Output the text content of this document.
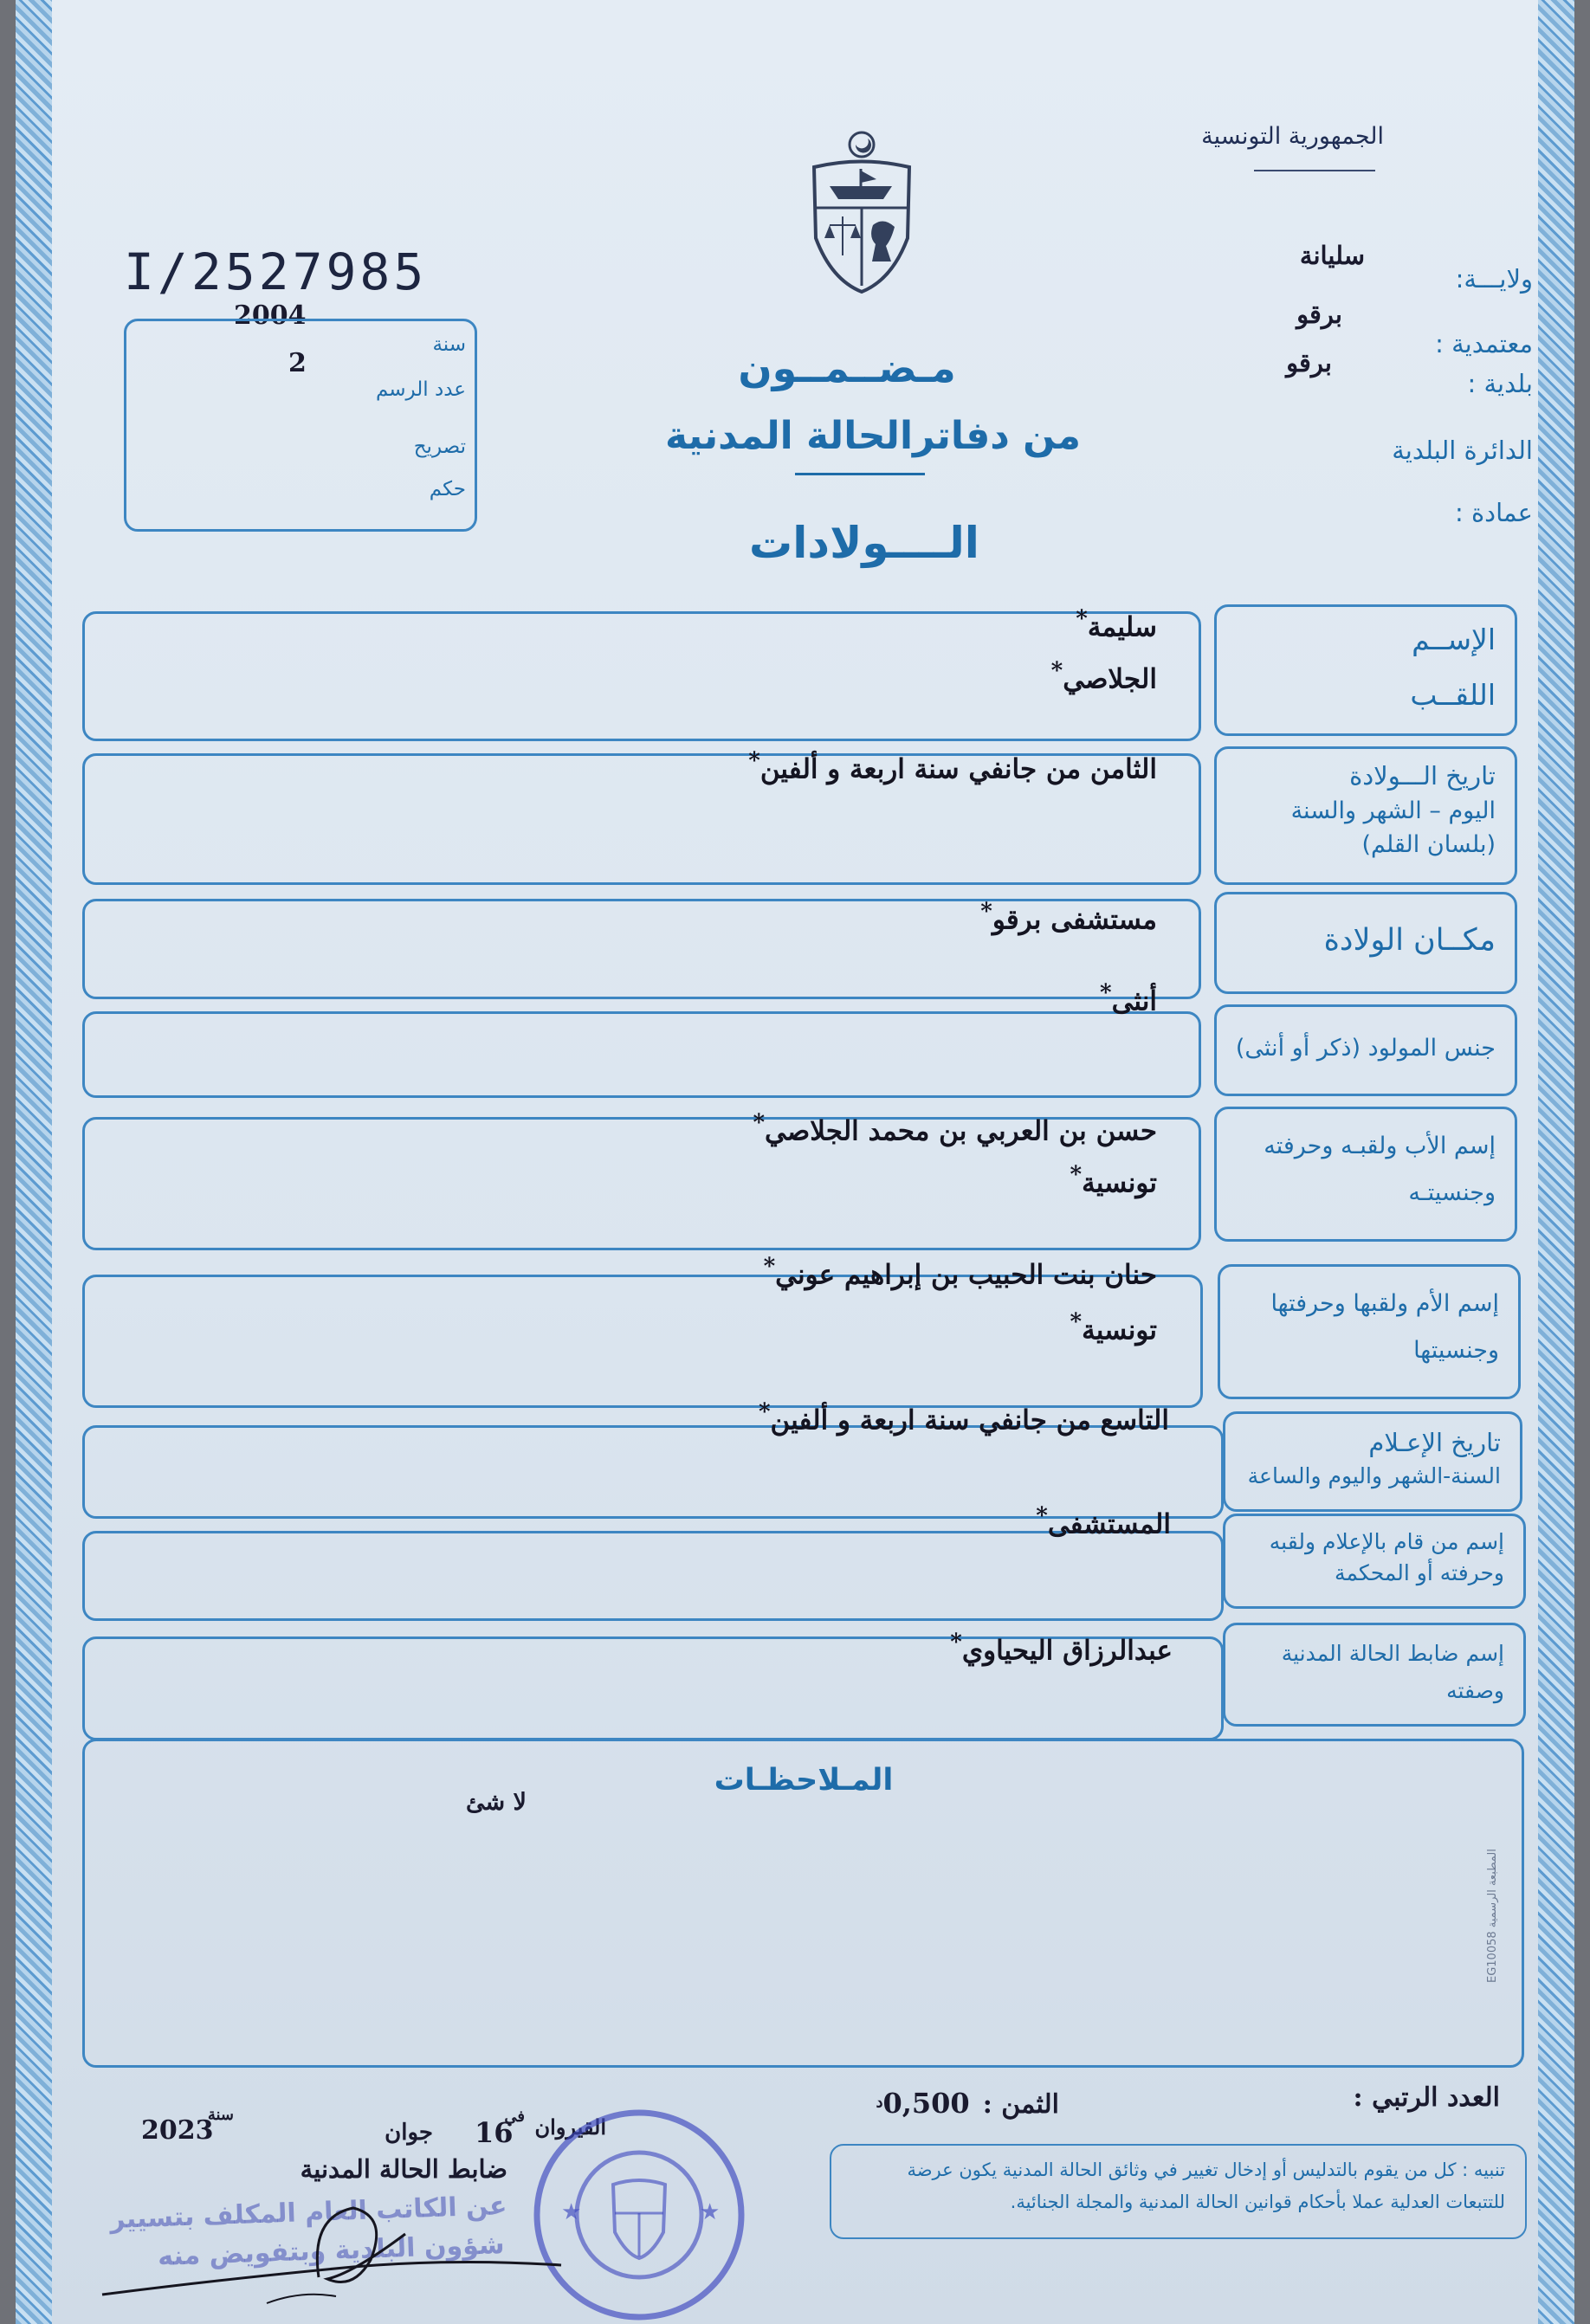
الجمهورية التونسية
I/2527985
2004
سنة
2
عدد الرسم
تصريح
حكم
ولايـــة:
سليانة
برقو
معتمدية :
برقو
بلدية :
الدائرة البلدية
عمادة :
مـضــمــون
من دفاترالحالة المدنية
الــــولادات
الإســم
اللقــب
سليمة*
الجلاصي*
تاريخ الـــولادة
اليوم – الشهر والسنة
(بلسان القلم)
الثامن من جانفي سنة اربعة و ألفين*
مكــان الولادة
مستشفى برقو*
جنس المولود (ذكر أو أنثى)
أنثى*
إسم الأب ولقبـه وحرفته
وجنسيتـه
حسن بن العربي بن محمد الجلاصي*
تونسية*
إسم الأم ولقبها وحرفتها
وجنسيتها
حنان بنت الحبيب بن إبراهيم عوني*
تونسية*
تاريخ الإعـلام
السنة-الشهر واليوم والساعة
التاسع من جانفي سنة اربعة و ألفين*
إسم من قام بالإعلام ولقبه
وحرفته أو المحكمة
المستشفى*
إسم ضابط الحالة المدنية
وصفته
عبدالرزاق اليحياوي*
المـلاحظـات
لا شئ
المطبعة الرسمية EG10058
العدد الرتبي :
الثمن : $0,500^د$
القيروان
في
16
جوان
سنة
2023
ضابط الحالة المدنية
عن الكاتب العام المكلف بتسيير
شؤون البلدية وبتفويض منه
★	★
تنبيه : كل من يقوم بالتدليس أو إدخال تغيير في وثائق الحالة المدنية يكون عرضة للتتبعات العدلية عملا بأحكام قوانين الحالة المدنية والمجلة الجنائية.
